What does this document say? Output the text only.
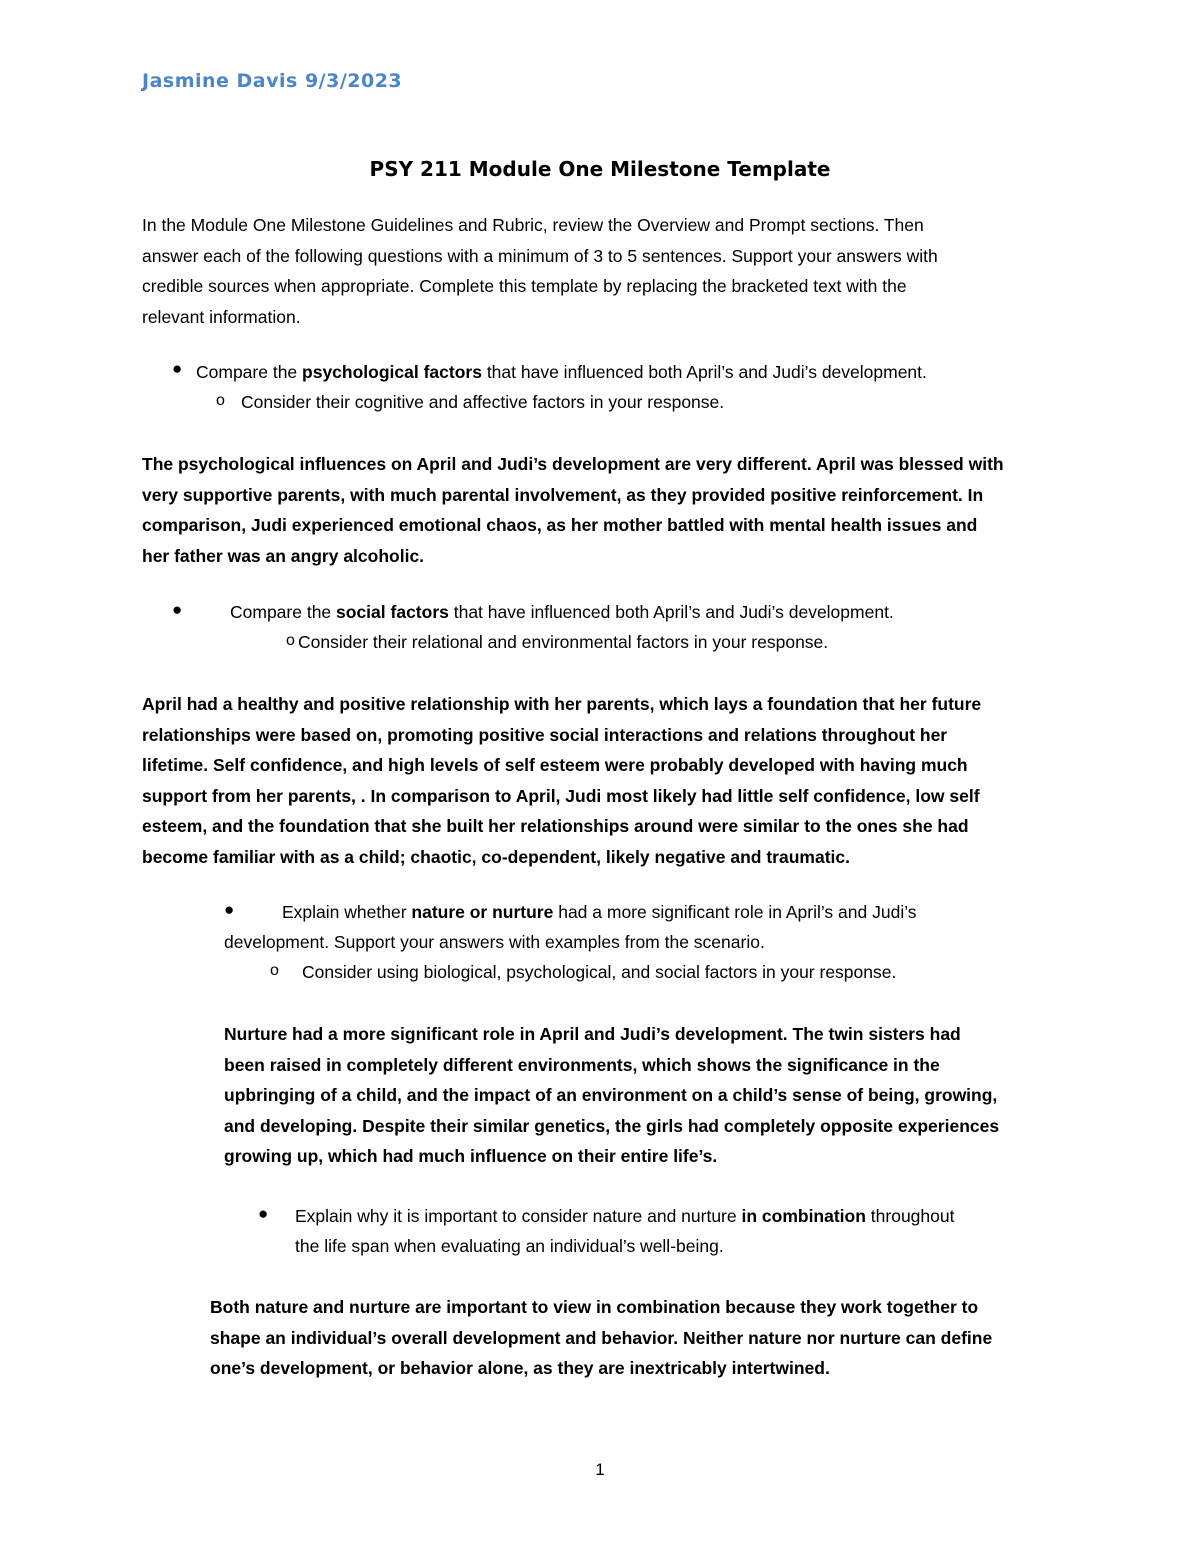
Jasmine Davis 9/3/2023
PSY 211 Module One Milestone Template
In the Module One Milestone Guidelines and Rubric, review the Overview and Prompt sections. Then
answer each of the following questions with a minimum of 3 to 5 sentences. Support your answers with
credible sources when appropriate. Complete this template by replacing the bracketed text with the
relevant information.
● Compare the psychological factors that have influenced both April’s and Judi’s development.
o Consider their cognitive and affective factors in your response.
The psychological influences on April and Judi’s development are very different. April was blessed with
very supportive parents, with much parental involvement, as they provided positive reinforcement. In
comparison, Judi experienced emotional chaos, as her mother battled with mental health issues and
her father was an angry alcoholic.
●	Compare the social factors that have influenced both April’s and Judi’s development.
o Consider their relational and environmental factors in your response.
April had a healthy and positive relationship with her parents, which lays a foundation that her future
relationships were based on, promoting positive social interactions and relations throughout her
lifetime. Self confidence, and high levels of self esteem were probably developed with having much
support from her parents, . In comparison to April, Judi most likely had little self confidence, low self
esteem, and the foundation that she built her relationships around were similar to the ones she had
become familiar with as a child; chaotic, co-dependent, likely negative and traumatic.
●	Explain whether nature or nurture had a more significant role in April’s and Judi’s
development. Support your answers with examples from the scenario.
o Consider using biological, psychological, and social factors in your response.
Nurture had a more significant role in April and Judi’s development. The twin sisters had
been raised in completely different environments, which shows the significance in the
upbringing of a child, and the impact of an environment on a child’s sense of being, growing,
and developing. Despite their similar genetics, the girls had completely opposite experiences
growing up, which had much influence on their entire life’s.
● Explain why it is important to consider nature and nurture in combination throughout
the life span when evaluating an individual’s well-being.
Both nature and nurture are important to view in combination because they work together to
shape an individual’s overall development and behavior. Neither nature nor nurture can define
one’s development, or behavior alone, as they are inextricably intertwined.
1
